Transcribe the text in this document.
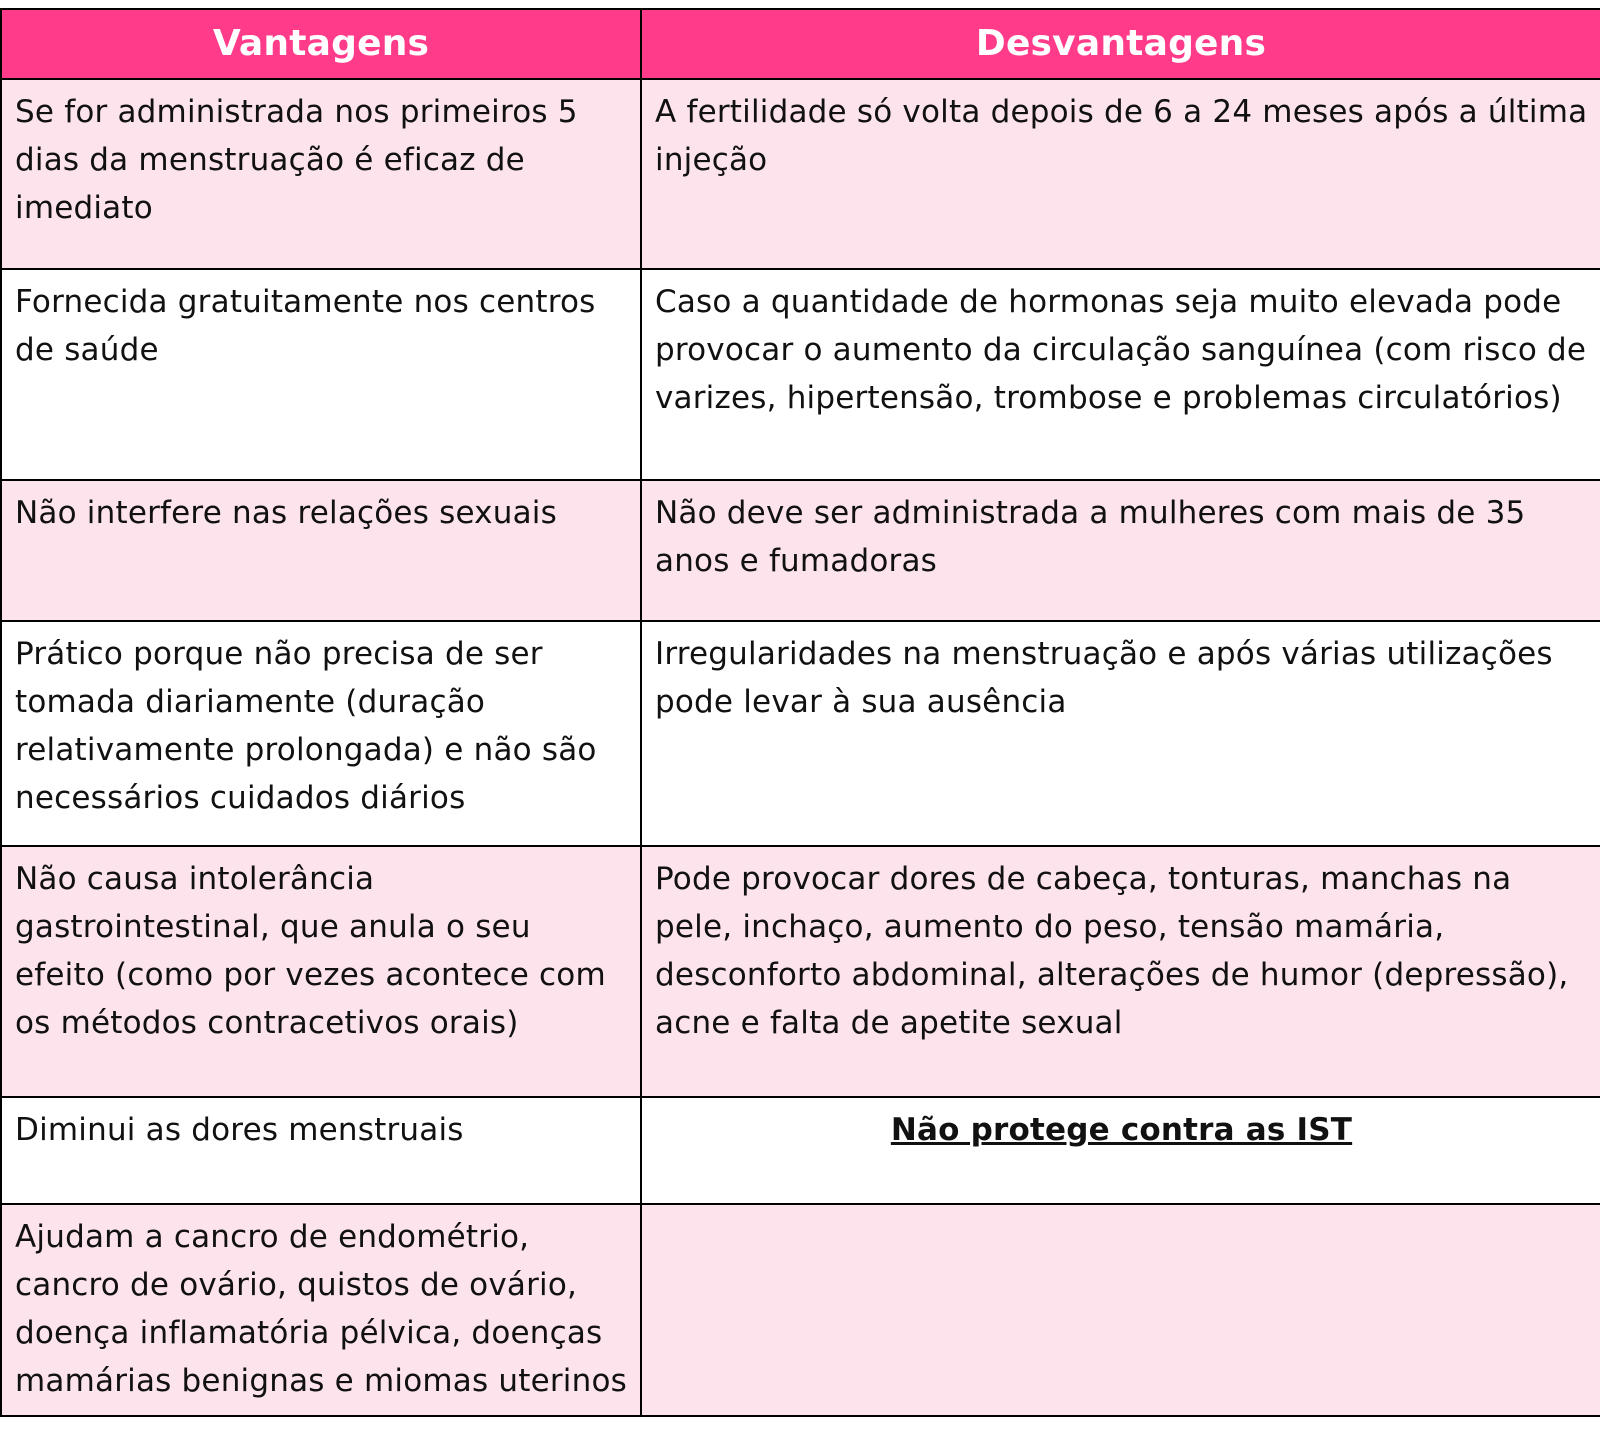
Vantagens	Desvantagens
Se for administrada nos primeiros 5 dias da menstruação é eficaz de imediato	A fertilidade só volta depois de 6 a 24 meses após a última injeção
Fornecida gratuitamente nos centros de saúde	Caso a quantidade de hormonas seja muito elevada pode provocar o aumento da circulação sanguínea (com risco de varizes, hipertensão, trombose e problemas circulatórios)
Não interfere nas relações sexuais	Não deve ser administrada a mulheres com mais de 35 anos e fumadoras
Prático porque não precisa de ser tomada diariamente (duração relativamente prolongada) e não são necessários cuidados diários	Irregularidades na menstruação e após várias utilizações pode levar à sua ausência
Não causa intolerância gastrointestinal, que anula o seu efeito (como por vezes acontece com os métodos contracetivos orais)	Pode provocar dores de cabeça, tonturas, manchas na pele, inchaço, aumento do peso, tensão mamária, desconforto abdominal, alterações de humor (depressão), acne e falta de apetite sexual
Diminui as dores menstruais	Não protege contra as IST
Ajudam a cancro de endométrio, cancro de ovário, quistos de ovário, doença inflamatória pélvica, doenças mamárias benignas e miomas uterinos	
